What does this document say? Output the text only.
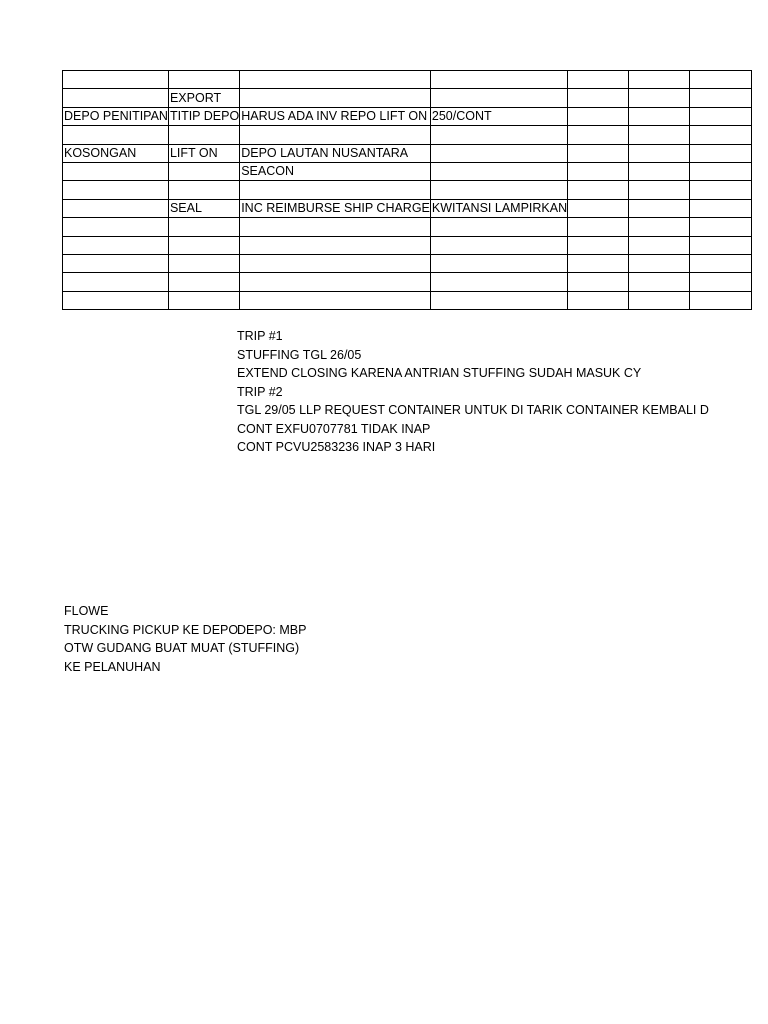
	EXPORT					
DEPO PENITIPAN	TITIP DEPO	HARUS ADA INV REPO LIFT ON	250/CONT			

KOSONGAN	LIFT ON	DEPO LAUTAN NUSANTARA				
		SEACON				

	SEAL	INC REIMBURSE SHIP CHARGE	KWITANSI LAMPIRKAN			

TRIP #1
STUFFING TGL 26/05
EXTEND CLOSING KARENA ANTRIAN STUFFING SUDAH MASUK CY
TRIP #2
TGL 29/05 LLP REQUEST CONTAINER UNTUK DI TARIK CONTAINER KEMBALI D
CONT EXFU0707781 TIDAK INAP
CONT PCVU2583236 INAP 3 HARI
FLOWE
TRUCKING PICKUP KE DEPO
DEPO: MBP
OTW GUDANG BUAT MUAT (STUFFING)
KE PELANUHAN
